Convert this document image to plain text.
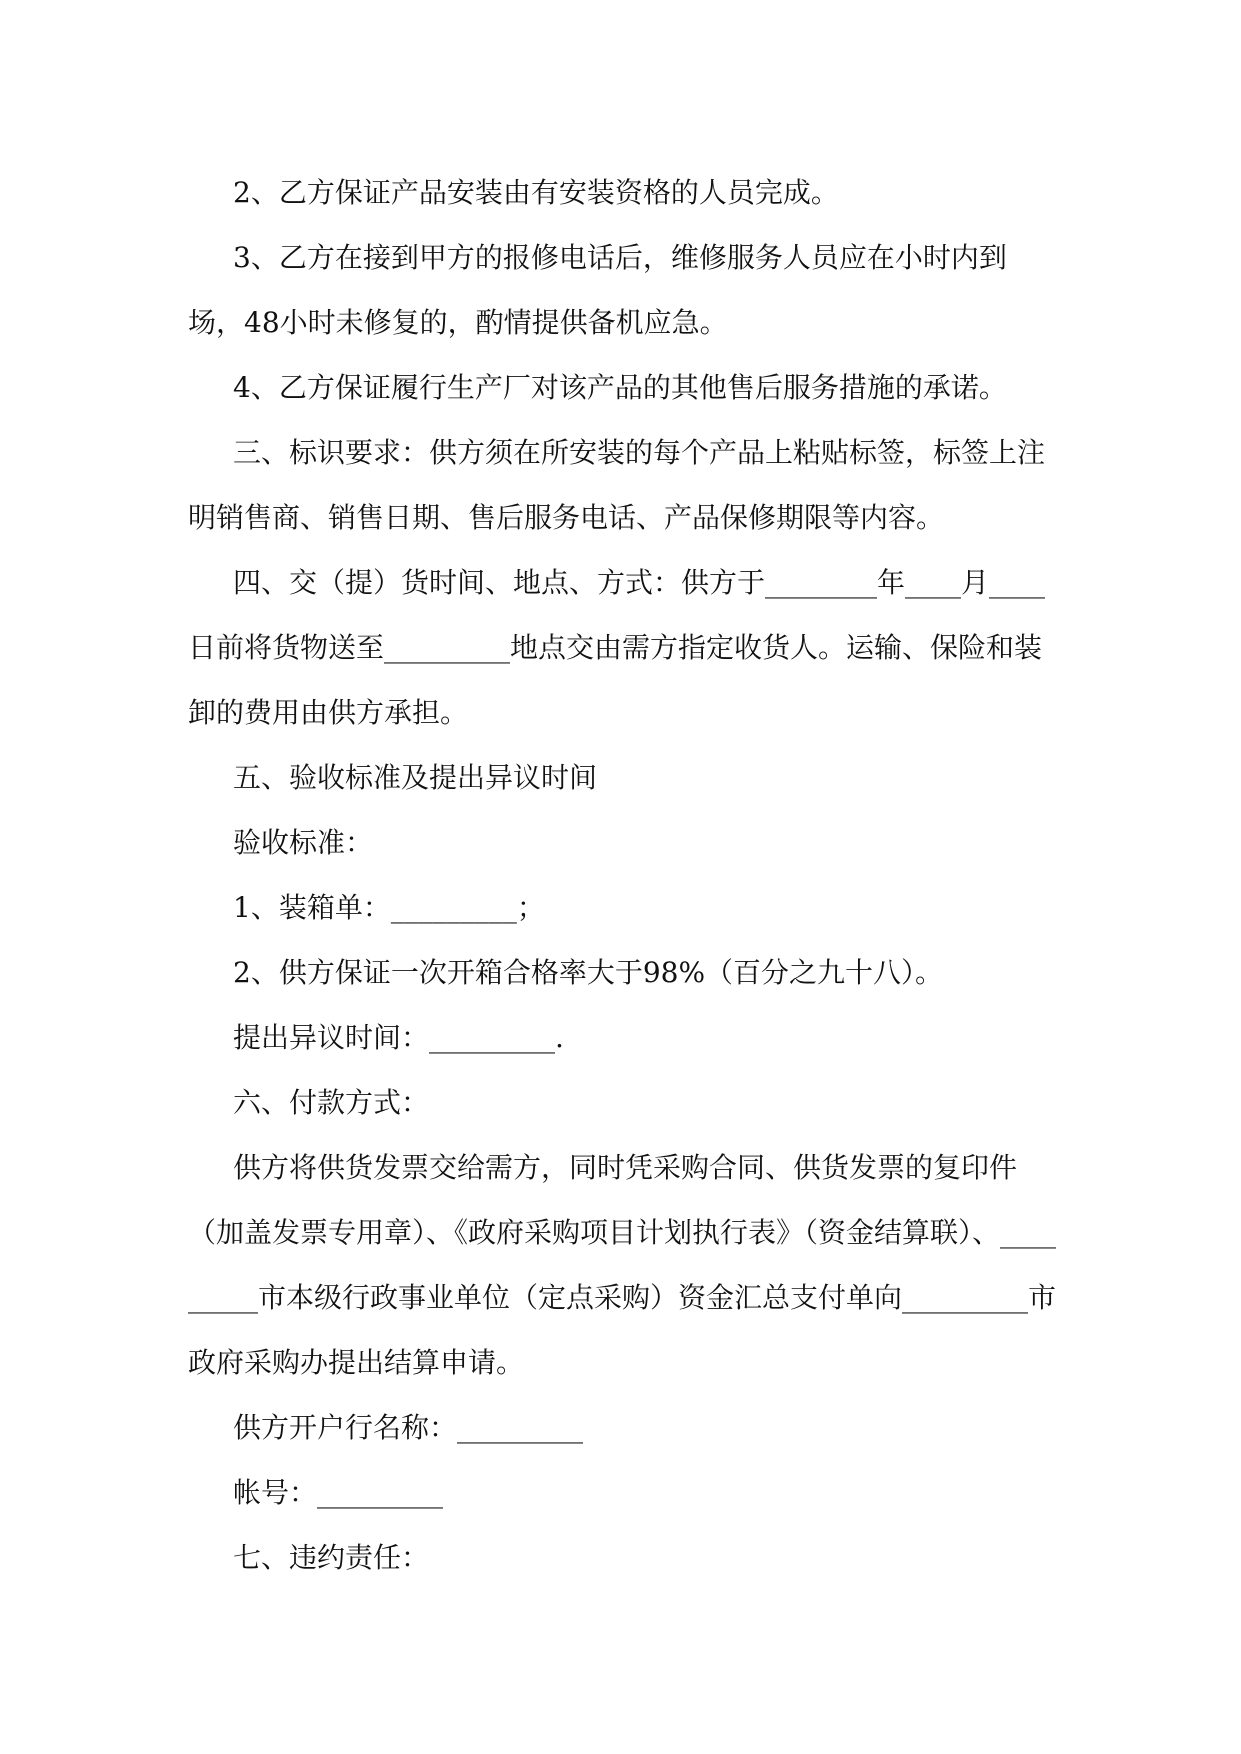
2、乙方保证产品安装由有安装资格的人员完成。

3、乙方在接到甲方的报修电话后，维修服务人员应在小时内到场，48小时未修复的，酌情提供备机应急。

4、乙方保证履行生产厂对该产品的其他售后服务措施的承诺。

三、标识要求：供方须在所安装的每个产品上粘贴标签，标签上注明销售商、销售日期、售后服务电话、产品保修期限等内容。

四、交（提）货时间、地点、方式：供方于________年____月____日前将货物送至_________地点交由需方指定收货人。运输、保险和装卸的费用由供方承担。

五、验收标准及提出异议时间

验收标准：

1、装箱单：_________；

2、供方保证一次开箱合格率大于98%（百分之九十八）。

提出异议时间：_________.

六、付款方式：

供方将供货发票交给需方，同时凭采购合同、供货发票的复印件（加盖发票专用章）、《政府采购项目计划执行表》（资金结算联）、_________市本级行政事业单位（定点采购）资金汇总支付单向_________市政府采购办提出结算申请。

供方开户行名称：_________

帐号：_________

七、违约责任：
